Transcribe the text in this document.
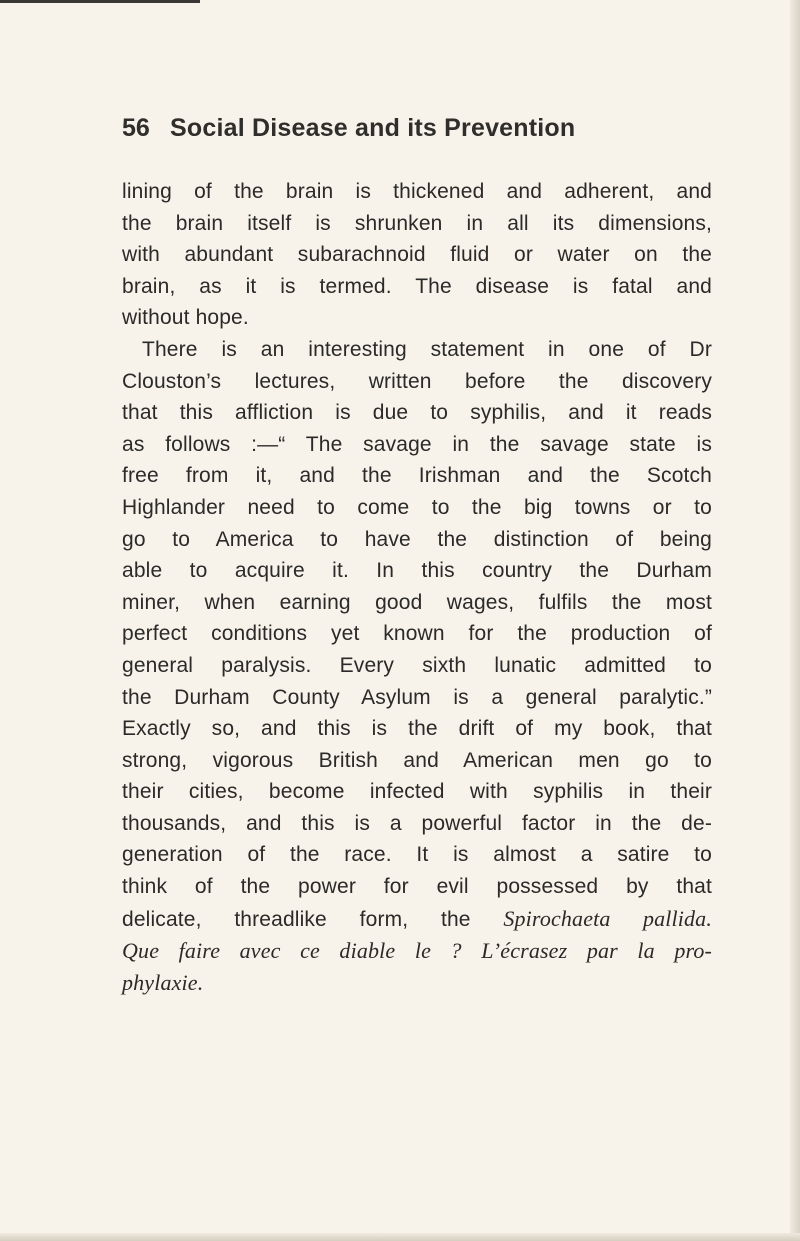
56 Social Disease and its Prevention
lining of the brain is thickened and adherent, and
the brain itself is shrunken in all its dimensions,
with abundant subarachnoid fluid or water on the
brain, as it is termed. The disease is fatal and
without hope.
There is an interesting statement in one of Dr
Clouston’s lectures, written before the discovery
that this affliction is due to syphilis, and it reads
as follows :—“ The savage in the savage state is
free from it, and the Irishman and the Scotch
Highlander need to come to the big towns or to
go to America to have the distinction of being
able to acquire it. In this country the Durham
miner, when earning good wages, fulfils the most
perfect conditions yet known for the production of
general paralysis. Every sixth lunatic admitted to
the Durham County Asylum is a general paralytic.”
Exactly so, and this is the drift of my book, that
strong, vigorous British and American men go to
their cities, become infected with syphilis in their
thousands, and this is a powerful factor in the de-
generation of the race. It is almost a satire to
think of the power for evil possessed by that
delicate, threadlike form, the Spirochaeta pallida.
Que faire avec ce diable le ? L’écrasez par la pro-
phylaxie.
